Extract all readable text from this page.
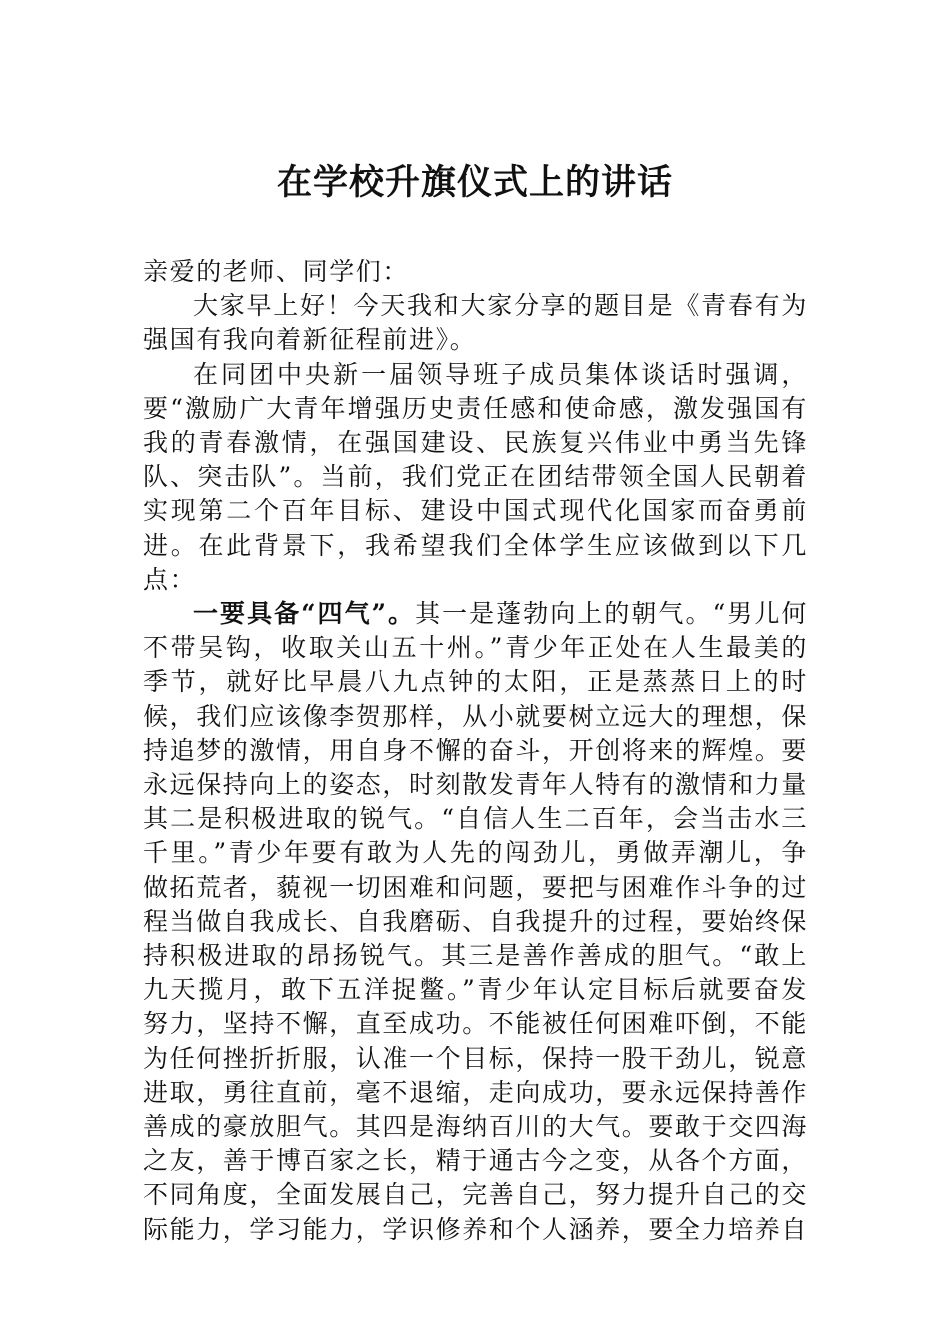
在学校升旗仪式上的讲话

亲爱的老师、同学们：

大家早上好！今天我和大家分享的题目是《青春有为 强国有我向着新征程前进》。

在同团中央新一届领导班子成员集体谈话时强调，要“激励广大青年增强历史责任感和使命感，激发强国有我的青春激情，在强国建设、民族复兴伟业中勇当先锋队、突击队”。当前，我们党正在团结带领全国人民朝着实现第二个百年目标、建设中国式现代化国家而奋勇前进。在此背景下，我希望我们全体学生应该做到以下几点：

一要具备“四气”。其一是蓬勃向上的朝气。“男儿何不带吴钩，收取关山五十州。”青少年正处在人生最美的季节，就好比早晨八九点钟的太阳，正是蒸蒸日上的时候，我们应该像李贺那样，从小就要树立远大的理想，保持追梦的激情，用自身不懈的奋斗，开创将来的辉煌。要永远保持向上的姿态，时刻散发青年人特有的激情和力量其二是积极进取的锐气。“自信人生二百年，会当击水三千里。”青少年要有敢为人先的闯劲儿，勇做弄潮儿，争做拓荒者，藐视一切困难和问题，要把与困难作斗争的过程当做自我成长、自我磨砺、自我提升的过程，要始终保持积极进取的昂扬锐气。其三是善作善成的胆气。“敢上九天揽月，敢下五洋捉鳖。”青少年认定目标后就要奋发努力，坚持不懈，直至成功。不能被任何困难吓倒，不能为任何挫折折服，认准一个目标，保持一股干劲儿，锐意进取，勇往直前，毫不退缩，走向成功，要永远保持善作善成的豪放胆气。其四是海纳百川的大气。要敢于交四海之友，善于博百家之长，精于通古今之变，从各个方面，不同角度，全面发展自己，完善自己，努力提升自己的交际能力，学习能力，学识修养和个人涵养，要全力培养自
